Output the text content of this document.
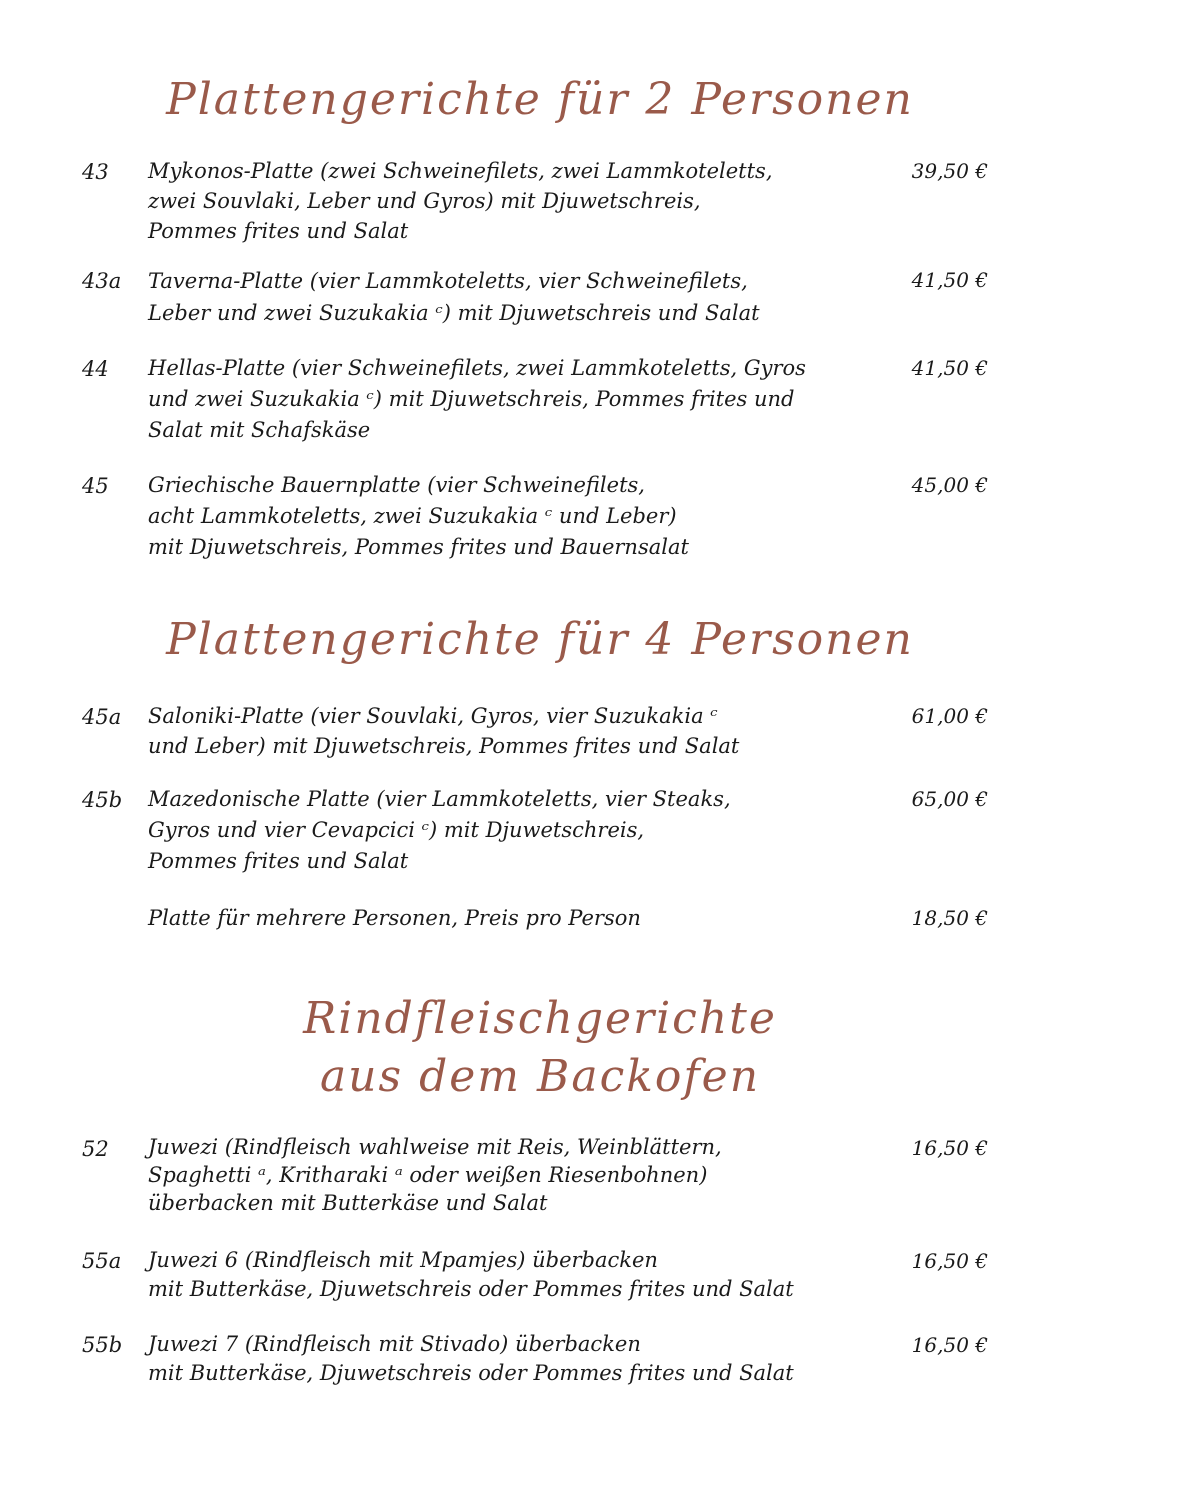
Plattengerichte für 2 Personen
43 Mykonos-Platte (zwei Schweinefilets, zwei Lammkoteletts,
zwei Souvlaki, Leber und Gyros) mit Djuwetschreis,
Pommes frites und Salat
39,50 €
43a Taverna-Platte (vier Lammkoteletts, vier Schweinefilets,
Leber und zwei Suzukakia ᶜ) mit Djuwetschreis und Salat
41,50 €
44 Hellas-Platte (vier Schweinefilets, zwei Lammkoteletts, Gyros
und zwei Suzukakia ᶜ) mit Djuwetschreis, Pommes frites und
Salat mit Schafskäse
41,50 €
45 Griechische Bauernplatte (vier Schweinefilets,
acht Lammkoteletts, zwei Suzukakia ᶜ und Leber)
mit Djuwetschreis, Pommes frites und Bauernsalat
45,00 €
Plattengerichte für 4 Personen
45a Saloniki-Platte (vier Souvlaki, Gyros, vier Suzukakia ᶜ
und Leber) mit Djuwetschreis, Pommes frites und Salat
61,00 €
45b Mazedonische Platte (vier Lammkoteletts, vier Steaks,
Gyros und vier Cevapcici ᶜ) mit Djuwetschreis,
Pommes frites und Salat
65,00 €
Platte für mehrere Personen, Preis pro Person	18,50 €
Rindfleischgerichte
aus dem Backofen
52 Juwezi (Rindfleisch wahlweise mit Reis, Weinblättern,
Spaghetti ᵃ, Kritharaki ᵃ oder weißen Riesenbohnen)
überbacken mit Butterkäse und Salat
16,50 €
55a Juwezi 6 (Rindfleisch mit Mpamjes) überbacken
mit Butterkäse, Djuwetschreis oder Pommes frites und Salat
16,50 €
55b Juwezi 7 (Rindfleisch mit Stivado) überbacken
mit Butterkäse, Djuwetschreis oder Pommes frites und Salat
16,50 €
